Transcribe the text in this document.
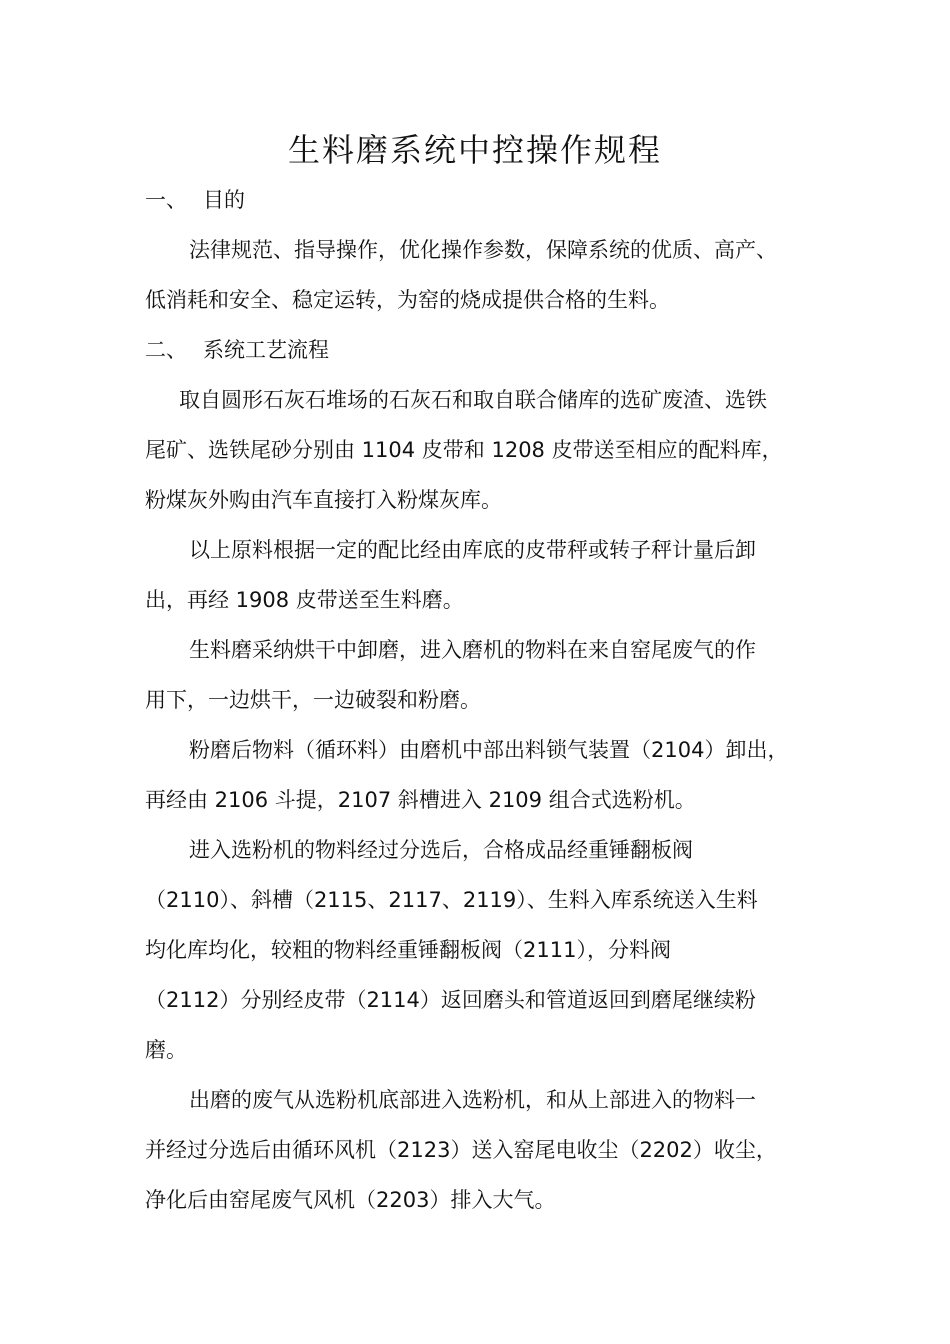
生料磨系统中控操作规程
一、 目的
法律规范、指导操作，优化操作参数，保障系统的优质、高产、
低消耗和安全、稳定运转，为窑的烧成提供合格的生料。
二、 系统工艺流程
取自圆形石灰石堆场的石灰石和取自联合储库的选矿废渣、选铁
尾矿、选铁尾砂分别由 1104 皮带和 1208 皮带送至相应的配料库，
粉煤灰外购由汽车直接打入粉煤灰库。
以上原料根据一定的配比经由库底的皮带秤或转子秤计量后卸
出，再经 1908 皮带送至生料磨。
生料磨采纳烘干中卸磨，进入磨机的物料在来自窑尾废气的作
用下，一边烘干，一边破裂和粉磨。
粉磨后物料（循环料）由磨机中部出料锁气装置（2104）卸出，
再经由 2106 斗提，2107 斜槽进入 2109 组合式选粉机。
进入选粉机的物料经过分选后，合格成品经重锤翻板阀
（2110）、斜槽（2115、2117、2119）、生料入库系统送入生料
均化库均化，较粗的物料经重锤翻板阀（2111），分料阀
（2112）分别经皮带（2114）返回磨头和管道返回到磨尾继续粉
磨。
出磨的废气从选粉机底部进入选粉机，和从上部进入的物料一
并经过分选后由循环风机（2123）送入窑尾电收尘（2202）收尘，
净化后由窑尾废气风机（2203）排入大气。
